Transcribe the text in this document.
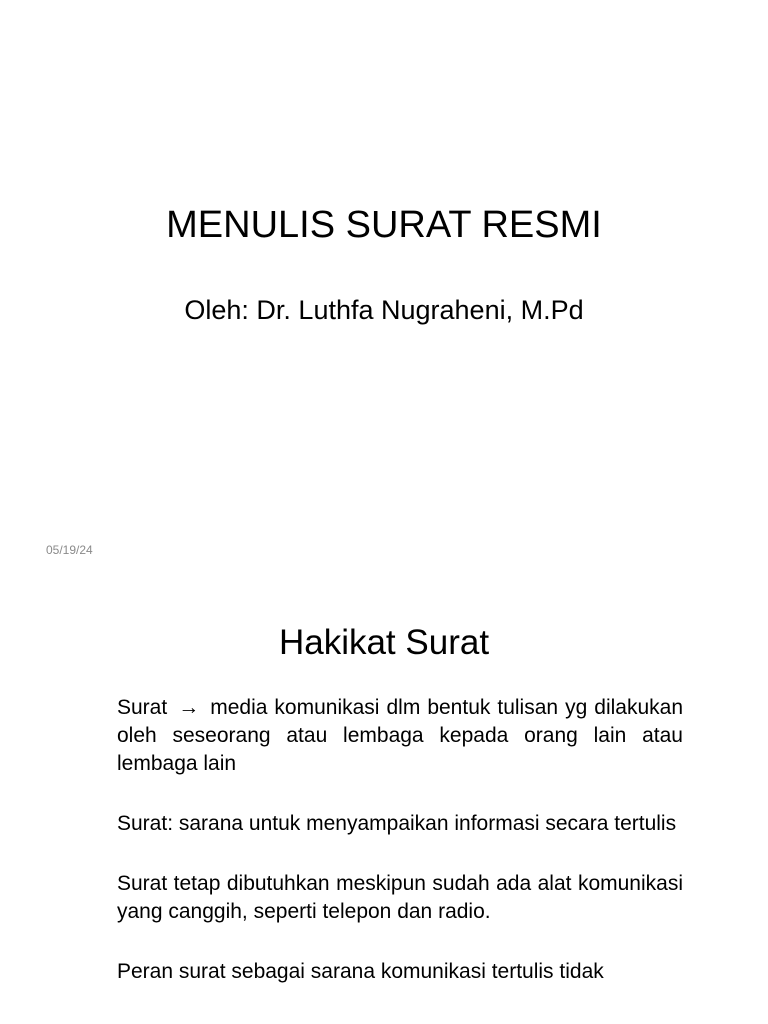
MENULIS SURAT RESMI

Oleh: Dr. Luthfa Nugraheni, M.Pd

05/19/24
Hakikat Surat

Surat → media komunikasi dlm bentuk tulisan yg dilakukan oleh seseorang atau lembaga kepada orang lain atau lembaga lain

Surat: sarana untuk menyampaikan informasi secara tertulis

Surat tetap dibutuhkan meskipun sudah ada alat komunikasi yang canggih, seperti telepon dan radio.

Peran surat sebagai sarana komunikasi tertulis tidak
